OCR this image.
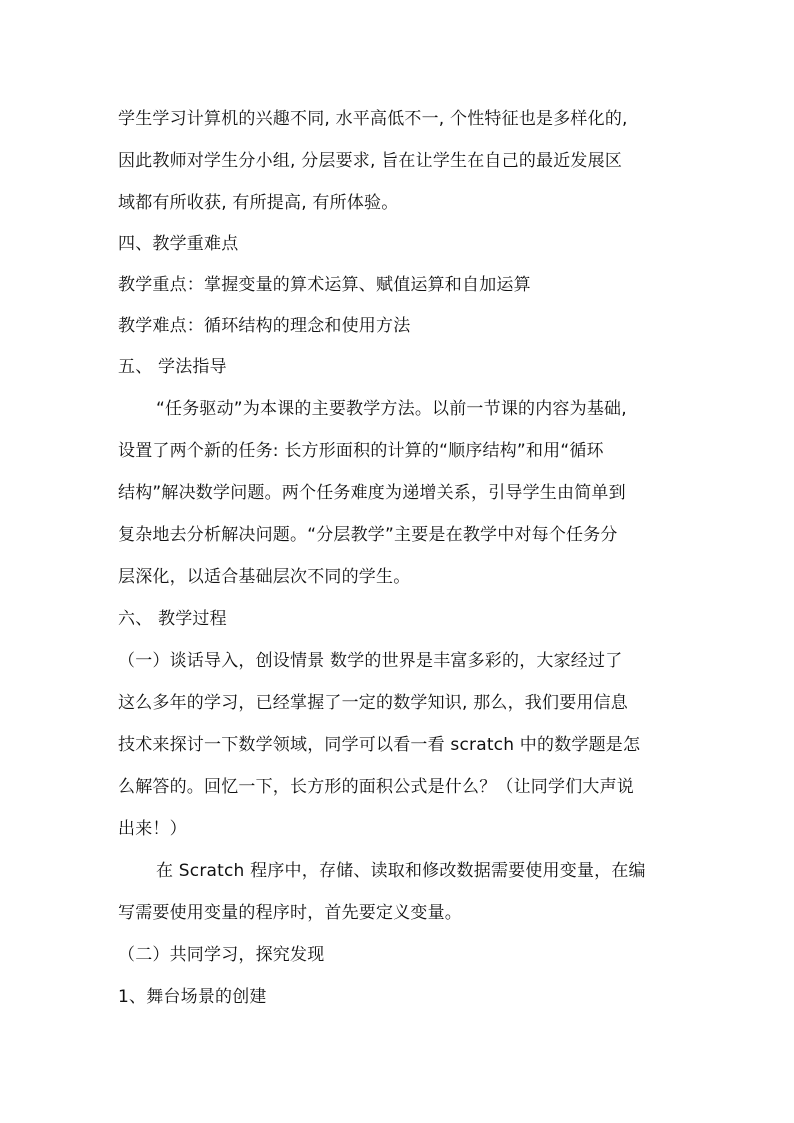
学生学习计算机的兴趣不同, 水平高低不一, 个性特征也是多样化的,
因此教师对学生分小组, 分层要求, 旨在让学生在自己的最近发展区
域都有所收获, 有所提高, 有所体验。
四、教学重难点
教学重点：掌握变量的算术运算、赋值运算和自加运算
教学难点：循环结构的理念和使用方法
五、 学法指导
“任务驱动”为本课的主要教学方法。以前一节课的内容为基础,
设置了两个新的任务: 长方形面积的计算的“顺序结构”和用“循环
结构”解决数学问题。两个任务难度为递增关系，引导学生由简单到
复杂地去分析解决问题。“分层教学”主要是在教学中对每个任务分
层深化，以适合基础层次不同的学生。
六、 教学过程
（一）谈话导入，创设情景 数学的世界是丰富多彩的，大家经过了
这么多年的学习，已经掌握了一定的数学知识, 那么，我们要用信息
技术来探讨一下数学领域，同学可以看一看 scratch 中的数学题是怎
么解答的。回忆一下，长方形的面积公式是什么？（让同学们大声说
出来！）
在 Scratch 程序中，存储、读取和修改数据需要使用变量，在编
写需要使用变量的程序时，首先要定义变量。
（二）共同学习，探究发现
1、舞台场景的创建
